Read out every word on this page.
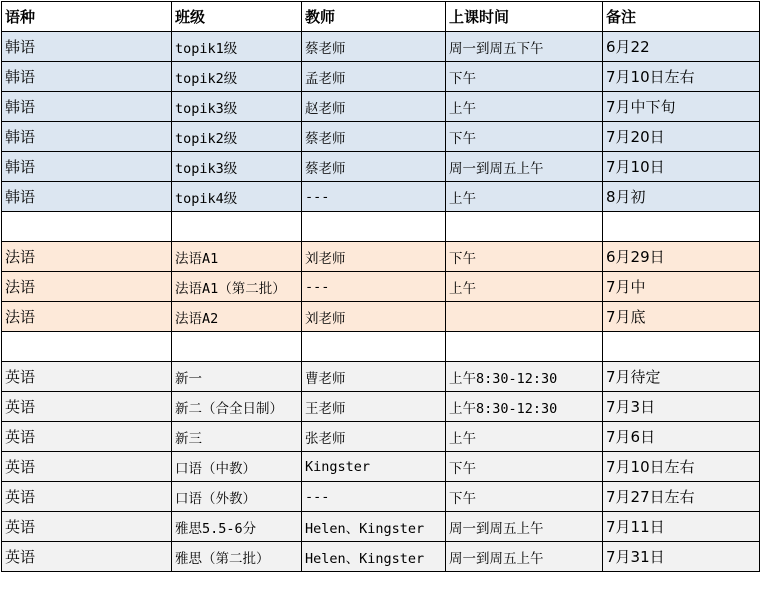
语种	班级	教师	上课时间	备注
韩语	topik1级	蔡老师	周一到周五下午	6月22
韩语	topik2级	孟老师	下午	7月10日左右
韩语	topik3级	赵老师	上午	7月中下旬
韩语	topik2级	蔡老师	下午	7月20日
韩语	topik3级	蔡老师	周一到周五上午	7月10日
韩语	topik4级	---	上午	8月初

法语	法语A1	刘老师	下午	6月29日
法语	法语A1（第二批）	---	上午	7月中
法语	法语A2	刘老师		7月底

英语	新一	曹老师	上午8:30-12:30	7月待定
英语	新二（合全日制）	王老师	上午8:30-12:30	7月3日
英语	新三	张老师	上午	7月6日
英语	口语（中教）	Kingster	下午	7月10日左右
英语	口语（外教）	---	下午	7月27日左右
英语	雅思5.5-6分	Helen、Kingster	周一到周五上午	7月11日
英语	雅思（第二批）	Helen、Kingster	周一到周五上午	7月31日
